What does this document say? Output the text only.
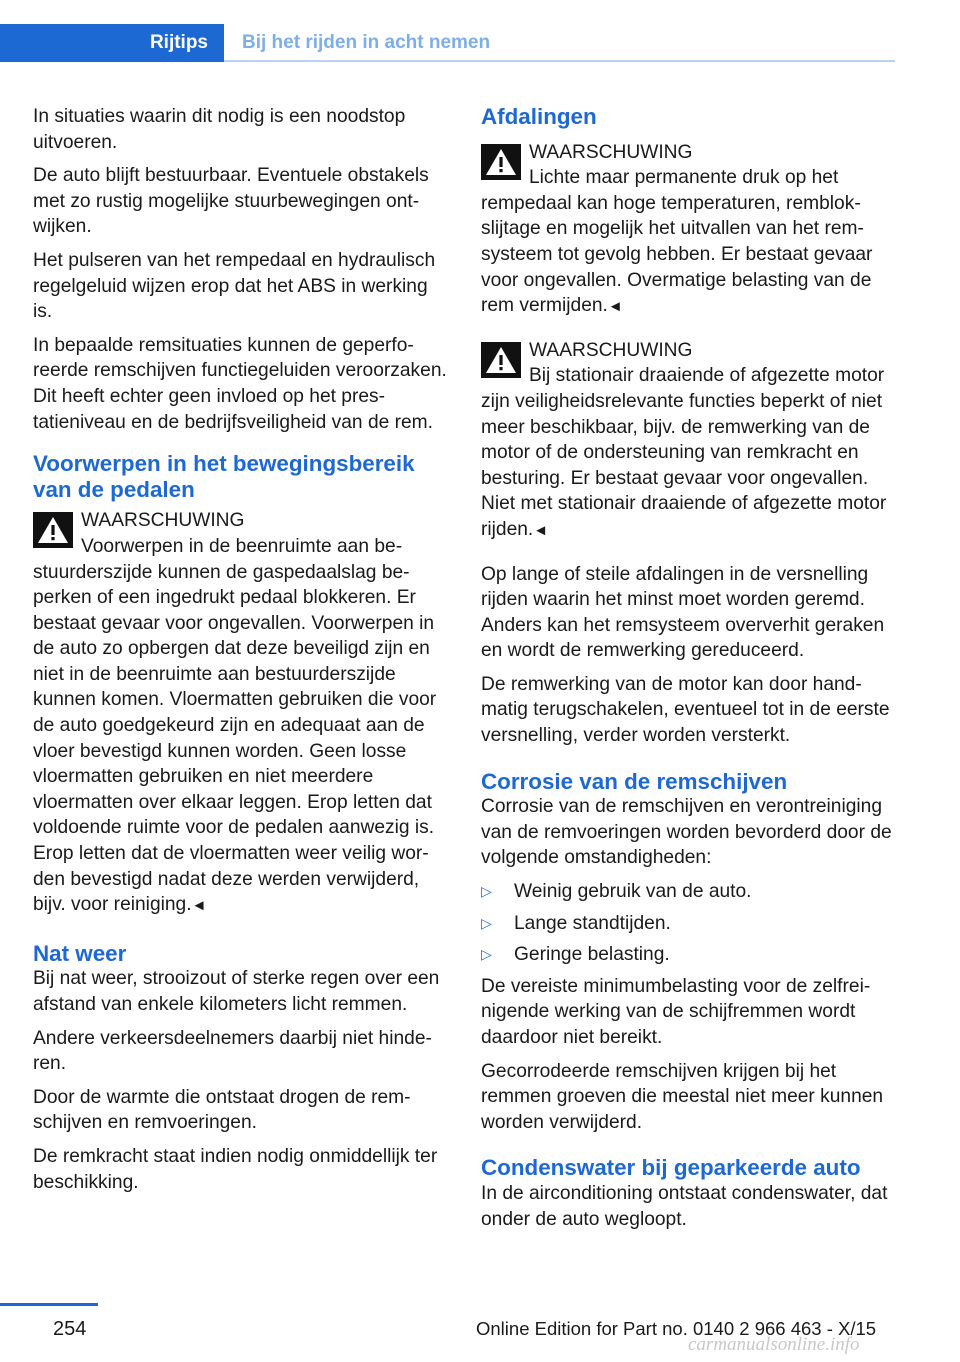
Rijtips	Bij het rijden in acht nemen

In situaties waarin dit nodig is een noodstop uitvoeren.

De auto blijft bestuurbaar. Eventuele obstakels met zo rustig mogelijke stuurbewegingen ontwijken.

Het pulseren van het rempedaal en hydraulisch regelgeluid wijzen erop dat het ABS in werking is.

In bepaalde remsituaties kunnen de geperforeerde remschijven functiegeluiden veroorzaken. Dit heeft echter geen invloed op het prestatieniveau en de bedrijfsveiligheid van de rem.

Voorwerpen in het bewegingsbereik van de pedalen
WAARSCHUWING
Voorwerpen in de beenruimte aan bestuurderszijde kunnen de gaspedaalslag beperken of een ingedrukt pedaal blokkeren. Er bestaat gevaar voor ongevallen. Voorwerpen in de auto zo opbergen dat deze beveiligd zijn en niet in de beenruimte aan bestuurderszijde kunnen komen. Vloermatten gebruiken die voor de auto goedgekeurd zijn en adequaat aan de vloer bevestigd kunnen worden. Geen losse vloermatten gebruiken en niet meerdere vloermatten over elkaar leggen. Erop letten dat voldoende ruimte voor de pedalen aanwezig is. Erop letten dat de vloermatten weer veilig worden bevestigd nadat deze werden verwijderd, bijv. voor reiniging.◄
Nat weer

Bij nat weer, strooizout of sterke regen over een afstand van enkele kilometers licht remmen.

Andere verkeersdeelnemers daarbij niet hinderen.

Door de warmte die ontstaat drogen de remschijven en remvoeringen.

De remkracht staat indien nodig onmiddellijk ter beschikking.

Afdalingen
WAARSCHUWING
Lichte maar permanente druk op het rempedaal kan hoge temperaturen, remblokslijtage en mogelijk het uitvallen van het remsysteem tot gevolg hebben. Er bestaat gevaar voor ongevallen. Overmatige belasting van de rem vermijden.◄
WAARSCHUWING
Bij stationair draaiende of afgezette motor zijn veiligheidsrelevante functies beperkt of niet meer beschikbaar, bijv. de remwerking van de motor of de ondersteuning van remkracht en besturing. Er bestaat gevaar voor ongevallen. Niet met stationair draaiende of afgezette motor rijden.◄

Op lange of steile afdalingen in de versnelling rijden waarin het minst moet worden geremd. Anders kan het remsysteem oververhit geraken en wordt de remwerking gereduceerd.

De remwerking van de motor kan door handmatig terugschakelen, eventueel tot in de eerste versnelling, verder worden versterkt.

Corrosie van de remschijven

Corrosie van de remschijven en verontreiniging van de remvoeringen worden bevorderd door de volgende omstandigheden:

▷ Weinig gebruik van de auto.
▷ Lange standtijden.
▷ Geringe belasting.

De vereiste minimumbelasting voor de zelfreinigende werking van de schijfremmen wordt daardoor niet bereikt.

Gecorrodeerde remschijven krijgen bij het remmen groeven die meestal niet meer kunnen worden verwijderd.

Condenswater bij geparkeerde auto

In de airconditioning ontstaat condenswater, dat onder de auto wegloopt.

254	Online Edition for Part no. 0140 2 966 463 - X/15
carmanualsonline.info
